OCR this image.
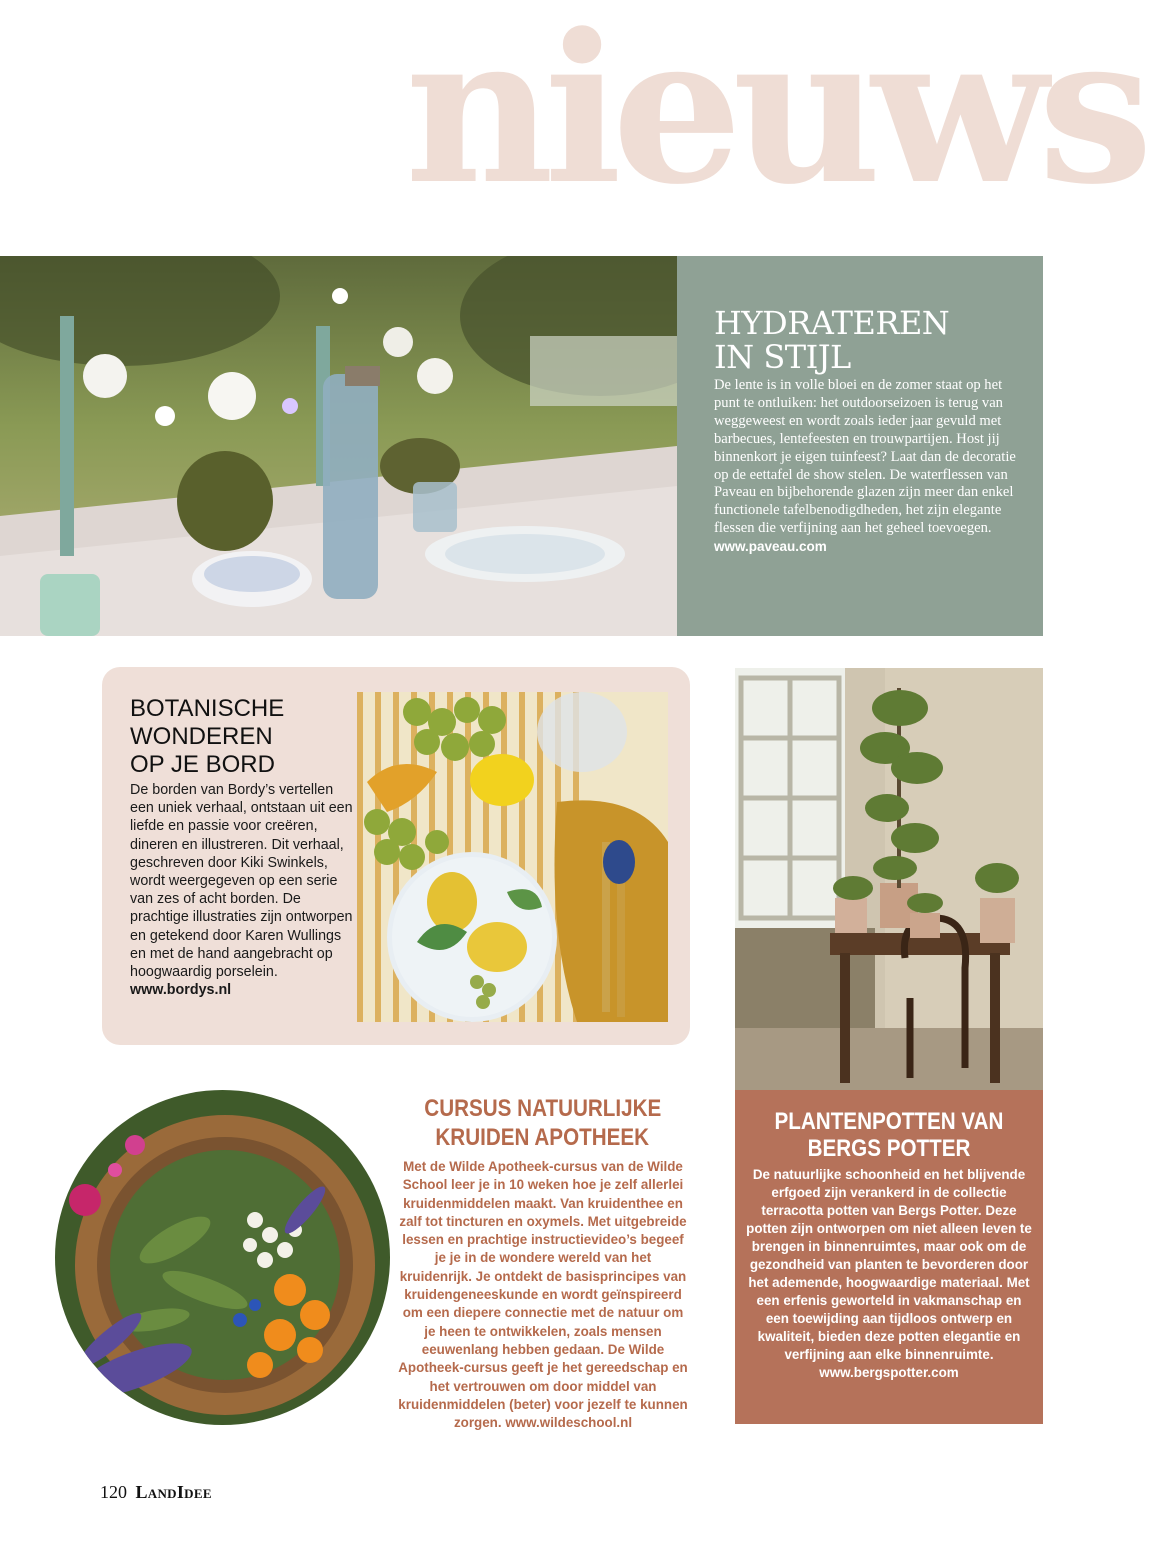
nieuws
HYDRATEREN
IN STIJL

De lente is in volle bloei en de zomer staat op het punt te ontluiken: het outdoorseizoen is terug van weggeweest en wordt zoals ieder jaar gevuld met barbecues, lentefeesten en trouwpartijen. Host jij binnenkort je eigen tuinfeest? Laat dan de decoratie op de eettafel de show stelen. De waterflessen van Paveau en bijbehorende glazen zijn meer dan enkel functionele tafelbenodigdheden, het zijn elegante flessen die verfijning aan het geheel toevoegen. www.paveau.com

BOTANISCHE
WONDEREN
OP JE BORD

De borden van Bordy’s vertellen een uniek verhaal, ontstaan uit een liefde en passie voor creëren, dineren en illustreren. Dit verhaal, geschreven door Kiki Swinkels, wordt weergegeven op een serie van zes of acht borden. De prachtige illustraties zijn ontworpen en getekend door Karen Wullings en met de hand aangebracht op hoogwaardig porselein. www.bordys.nl

PLANTENPOTTEN VAN
BERGS POTTER

De natuurlijke schoonheid en het blijvende erfgoed zijn verankerd in de collectie terracotta potten van Bergs Potter. Deze potten zijn ontworpen om niet alleen leven te brengen in binnenruimtes, maar ook om de gezondheid van planten te bevorderen door het ademende, hoogwaardige materiaal. Met een erfenis geworteld in vakmanschap en een toewijding aan tijdloos ontwerp en kwaliteit, bieden deze potten elegantie en verfijning aan elke binnenruimte. www.bergspotter.com

CURSUS NATUURLIJKE
KRUIDEN APOTHEEK

Met de Wilde Apotheek-cursus van de Wilde School leer je in 10 weken hoe je zelf allerlei kruidenmiddelen maakt. Van kruidenthee en zalf tot tincturen en oxymels. Met uitgebreide lessen en prachtige instructievideo’s begeef je je in de wondere wereld van het kruidenrijk. Je ontdekt de basisprincipes van kruidengeneeskunde en wordt geïnspireerd om een diepere connectie met de natuur om je heen te ontwikkelen, zoals mensen eeuwenlang hebben gedaan. De Wilde Apotheek-cursus geeft je het gereedschap en het vertrouwen om door middel van kruidenmiddelen (beter) voor jezelf te kunnen zorgen. www.wildeschool.nl

120 LandIdee
